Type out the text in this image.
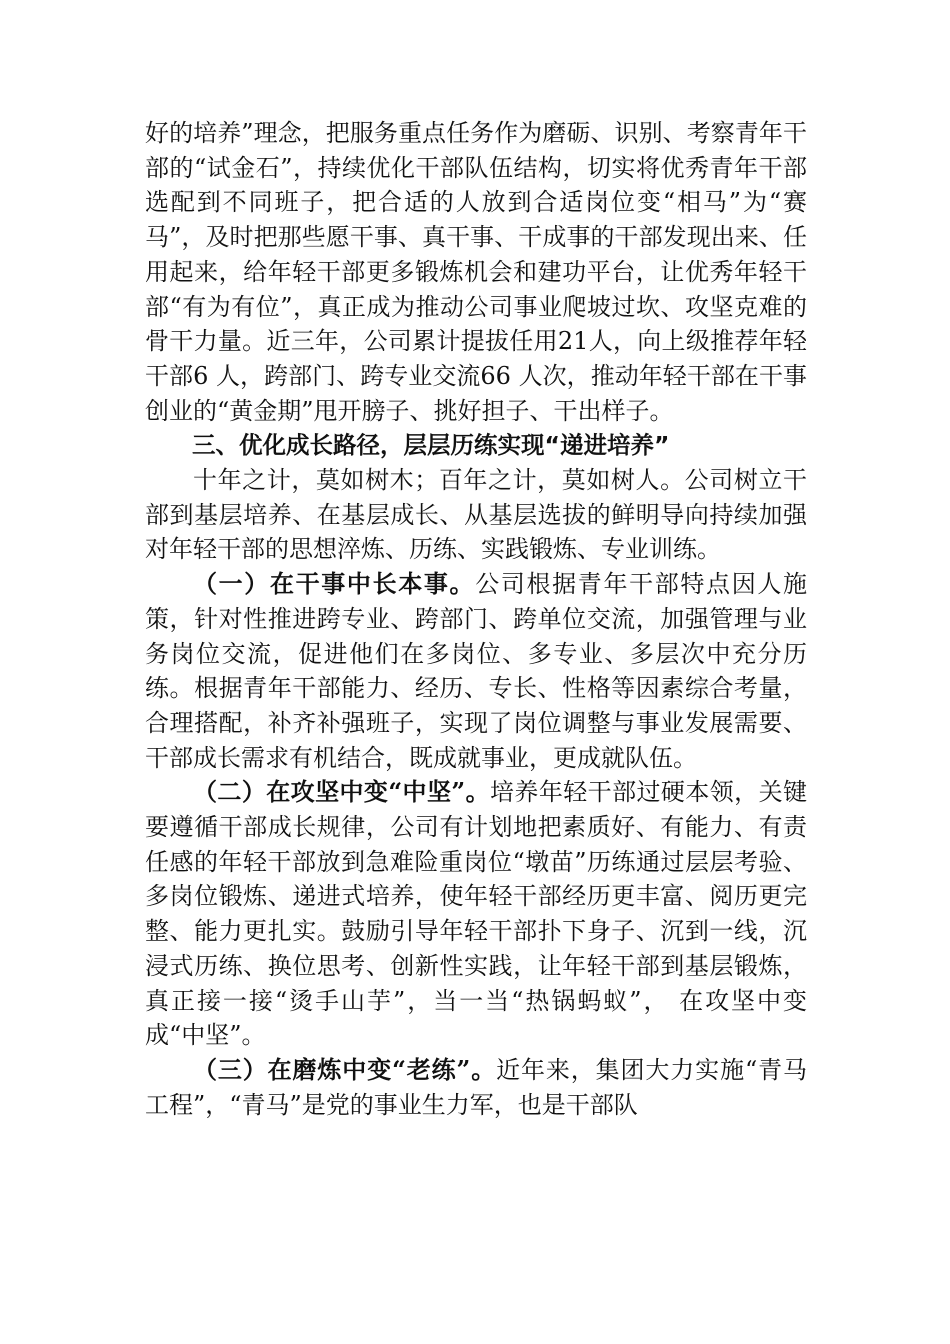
好的培养”理念，把服务重点任务作为磨砺、识别、考察青年干部的“试金石”，持续优化干部队伍结构，切实将优秀青年干部选配到不同班子，把合适的人放到合适岗位变“相马”为“赛马”，及时把那些愿干事、真干事、干成事的干部发现出来、任用起来，给年轻干部更多锻炼机会和建功平台，让优秀年轻干部“有为有位”，真正成为推动公司事业爬坡过坎、攻坚克难的骨干力量。近三年，公司累计提拔任用21人，向上级推荐年轻干部6 人，跨部门、跨专业交流66 人次，推动年轻干部在干事创业的“黄金期”甩开膀子、挑好担子、干出样子。

三、优化成长路径，层层历练实现“递进培养”

十年之计，莫如树木；百年之计，莫如树人。公司树立干部到基层培养、在基层成长、从基层选拔的鲜明导向持续加强对年轻干部的思想淬炼、历练、实践锻炼、专业训练。

（一）在干事中长本事。公司根据青年干部特点因人施策，针对性推进跨专业、跨部门、跨单位交流，加强管理与业务岗位交流，促进他们在多岗位、多专业、多层次中充分历练。根据青年干部能力、经历、专长、性格等因素综合考量，合理搭配，补齐补强班子，实现了岗位调整与事业发展需要、干部成长需求有机结合，既成就事业，更成就队伍。

（二）在攻坚中变“中坚”。培养年轻干部过硬本领，关键要遵循干部成长规律，公司有计划地把素质好、有能力、有责任感的年轻干部放到急难险重岗位“墩苗”历练通过层层考验、多岗位锻炼、递进式培养，使年轻干部经历更丰富、阅历更完整、能力更扎实。鼓励引导年轻干部扑下身子、沉到一线，沉浸式历练、换位思考、创新性实践，让年轻干部到基层锻炼，真正接一接“烫手山芋”，当一当“热锅蚂蚁”， 在攻坚中变成“中坚”。

（三）在磨炼中变“老练”。近年来，集团大力实施“青马工程”，“青马”是党的事业生力军，也是干部队
